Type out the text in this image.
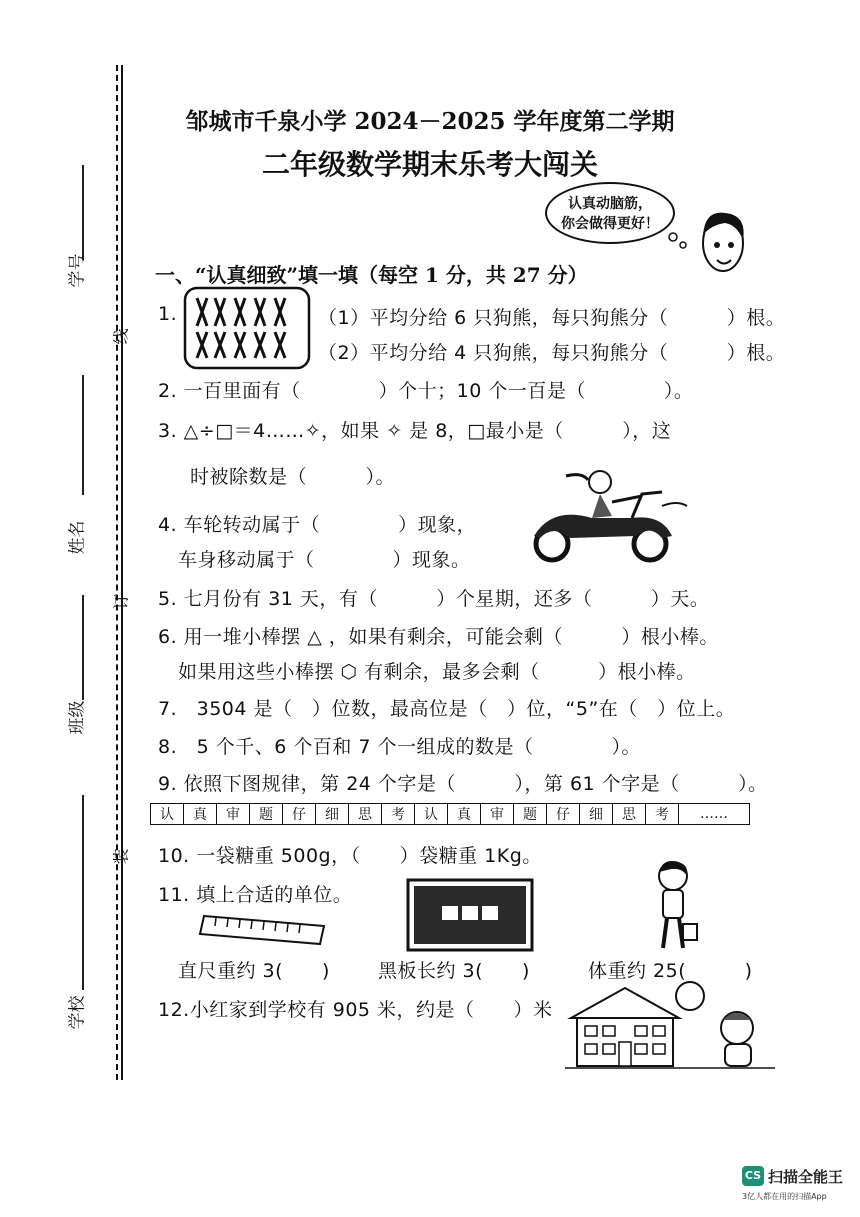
学号
姓名
班级
学校
线
订
装
邹城市千泉小学 2024－2025 学年度第二学期
二年级数学期末乐考大闯关
认真动脑筋，
你会做得更好！
一、“认真细致”填一填（每空 1 分，共 27 分）
1.	（1）平均分给 6 只狗熊，每只狗熊分（　　　）根。
（2）平均分给 4 只狗熊，每只狗熊分（　　　）根。
2. 一百里面有（　　　　）个十；10 个一百是（　　　　）。
3. △÷□＝4……✧，如果 ✧ 是 8，□最小是（　　　），这
时被除数是（　　　）。
4. 车轮转动属于（　　　　）现象，
车身移动属于（　　　　）现象。
5. 七月份有 31 天，有（　　　）个星期，还多（　　　）天。
6. 用一堆小棒摆 △ ，如果有剩余，可能会剩（　　　）根小棒。
如果用这些小棒摆 ⬡ 有剩余，最多会剩（　　　）根小棒。
7.　3504 是（　）位数，最高位是（　）位，“5”在（　）位上。
8.　5 个千、6 个百和 7 个一组成的数是（　　　　）。
9. 依照下图规律，第 24 个字是（　　　），第 61 个字是（　　　）。
认	真	审	题	仔	细	思	考	认	真	审	题	仔	细	思	考	……
10. 一袋糖重 500g，（　　）袋糖重 1Kg。
11. 填上合适的单位。
直尺重约 3(　　)	黑板长约 3(　　)	体重约 25(　　　)
12.小红家到学校有 905 米，约是（　　）米
CS 扫描全能王
3亿人都在用的扫描App
